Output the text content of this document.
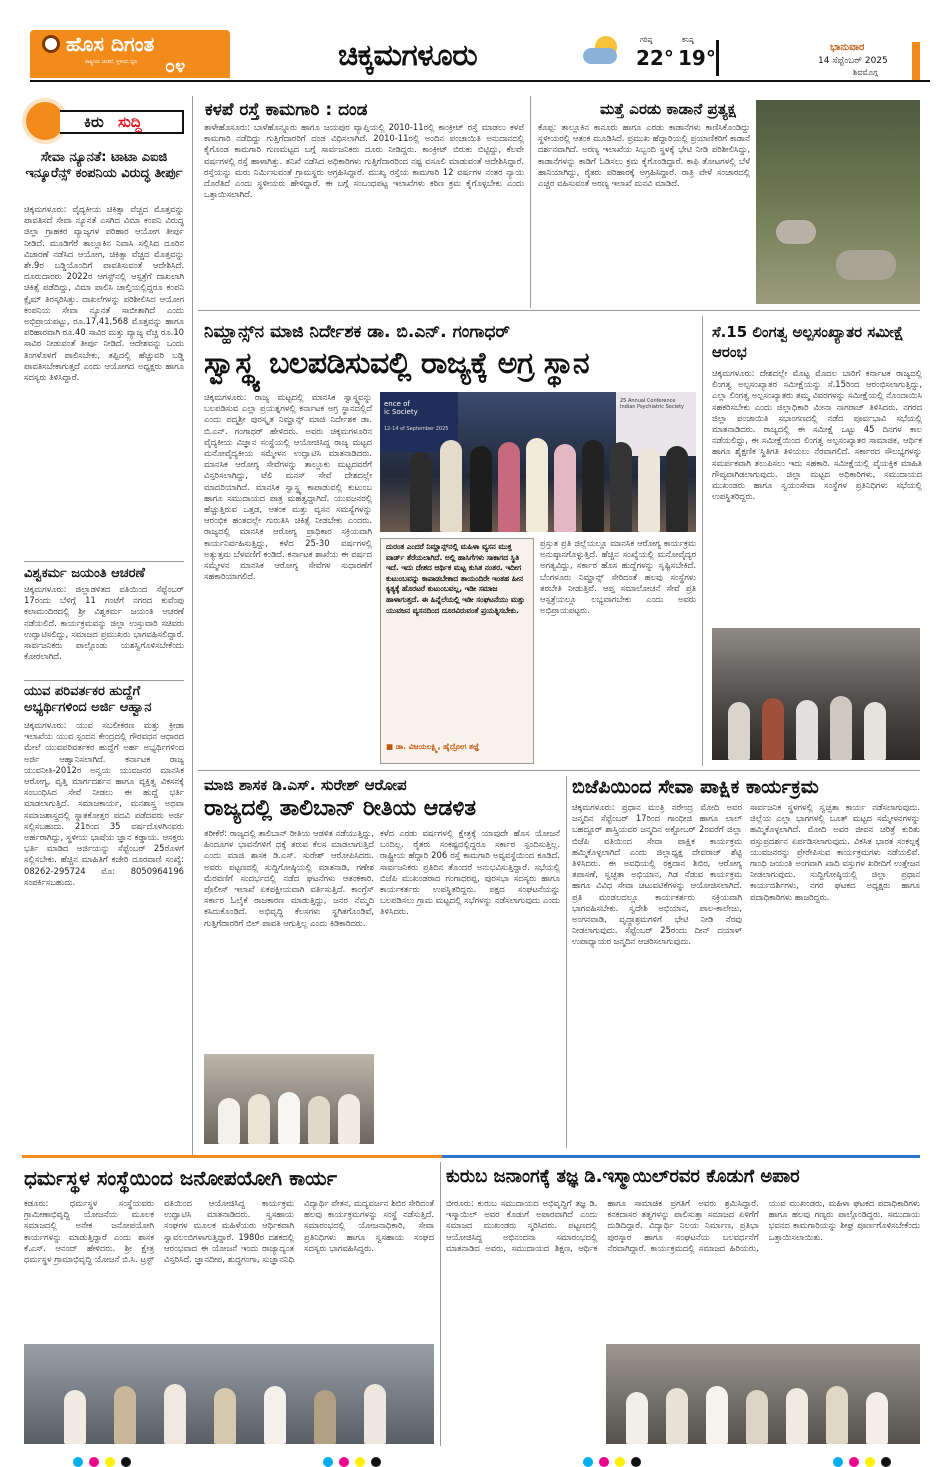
ಹೊಸ ದಿಗಂತ
ರಾಷ್ಟ್ರೀಯ ಚಿಂತನೆ, ಸ್ಥಳೀಯ ಧ್ವನಿ ೦೪	ಚಿಕ್ಕಮಗಳೂರು	ಗರಿಷ್ಠ
22°
ಕನಿಷ್ಠ
19°	ಭಾನುವಾರ
14 ಸೆಪ್ಟೆಂಬರ್ 2025
ಶಿವಮೊಗ್ಗ
ಕಿರು ಸುದ್ದಿ
ಸೇವಾ ನ್ಯೂನತೆ: ಟಾಟಾ ಎಐಜಿ ಇನ್ಶೂರೆನ್ಸ್ ಕಂಪನಿಯ ವಿರುದ್ಧ ತೀರ್ಪು
ಚಿಕ್ಕಮಗಳೂರು: ವೈದ್ಯಕೀಯ ಚಿಕಿತ್ಸಾ ವೆಚ್ಚದ ಮೊತ್ತವನ್ನು ಪಾವತಿಸದೆ ಸೇವಾ ನ್ಯೂನತೆ ಎಸಗಿದ ವಿಮಾ ಕಂಪನಿ ವಿರುದ್ಧ ಜಿಲ್ಲಾ ಗ್ರಾಹಕರ ವ್ಯಾಜ್ಯಗಳ ಪರಿಹಾರ ಆಯೋಗ ತೀರ್ಪು ನೀಡಿದೆ. ಮೂಡಿಗೆರೆ ತಾಲ್ಲೂಕಿನ ನಿವಾಸಿ ಸಲ್ಲಿಸಿದ ದೂರಿನ ವಿಚಾರಣೆ ನಡೆಸಿದ ಆಯೋಗ, ಚಿಕಿತ್ಸಾ ವೆಚ್ಚದ ಮೊತ್ತವನ್ನು ಶೇ.9ರ ಬಡ್ಡಿಯೊಂದಿಗೆ ಪಾವತಿಸುವಂತೆ ಆದೇಶಿಸಿದೆ. ದೂರುದಾರರು 2022ರ ಆಗಸ್ಟ್‌ನಲ್ಲಿ ಆಸ್ಪತ್ರೆಗೆ ದಾಖಲಾಗಿ ಚಿಕಿತ್ಸೆ ಪಡೆದಿದ್ದು, ವಿಮಾ ಪಾಲಿಸಿ ಚಾಲ್ತಿಯಲ್ಲಿದ್ದರೂ ಕಂಪನಿ ಕ್ಲೈಮ್ ತಿರಸ್ಕರಿಸಿತ್ತು. ದಾಖಲೆಗಳನ್ನು ಪರಿಶೀಲಿಸಿದ ಆಯೋಗ ಕಂಪನಿಯ ಸೇವಾ ನ್ಯೂನತೆ ಸಾಬೀತಾಗಿದೆ ಎಂದು ಅಭಿಪ್ರಾಯಪಟ್ಟು, ರೂ.17,41,568 ಮೊತ್ತವನ್ನು ಹಾಗೂ ಪರಿಹಾರವಾಗಿ ರೂ.40 ಸಾವಿರ ಮತ್ತು ವ್ಯಾಜ್ಯ ವೆಚ್ಚ ರೂ.10 ಸಾವಿರ ನೀಡುವಂತೆ ತೀರ್ಪು ನೀಡಿದೆ. ಆದೇಶವನ್ನು ಒಂದು ತಿಂಗಳೊಳಗೆ ಪಾಲಿಸಬೇಕು, ತಪ್ಪಿದಲ್ಲಿ ಹೆಚ್ಚುವರಿ ಬಡ್ಡಿ ಪಾವತಿಸಬೇಕಾಗುತ್ತದೆ ಎಂದು ಆಯೋಗದ ಅಧ್ಯಕ್ಷರು ಹಾಗೂ ಸದಸ್ಯರು ತಿಳಿಸಿದ್ದಾರೆ.
ವಿಶ್ವಕರ್ಮ ಜಯಂತಿ ಆಚರಣೆ
ಚಿಕ್ಕಮಗಳೂರು: ಜಿಲ್ಲಾಡಳಿತದ ವತಿಯಿಂದ ಸೆಪ್ಟೆಂಬರ್ 17ರಂದು ಬೆಳಿಗ್ಗೆ 11 ಗಂಟೆಗೆ ನಗರದ ಕುವೆಂಪು ಕಲಾಮಂದಿರದಲ್ಲಿ ಶ್ರೀ ವಿಶ್ವಕರ್ಮ ಜಯಂತಿ ಆಚರಣೆ ನಡೆಯಲಿದೆ. ಕಾರ್ಯಕ್ರಮವನ್ನು ಜಿಲ್ಲಾ ಉಸ್ತುವಾರಿ ಸಚಿವರು ಉದ್ಘಾಟಿಸಲಿದ್ದು, ಸಮಾಜದ ಪ್ರಮುಖರು ಭಾಗವಹಿಸಲಿದ್ದಾರೆ. ಸಾರ್ವಜನಿಕರು ಪಾಲ್ಗೊಂಡು ಯಶಸ್ವಿಗೊಳಿಸಬೇಕೆಂದು ಕೋರಲಾಗಿದೆ.
ಯುವ ಪರಿವರ್ತಕರ ಹುದ್ದೆಗೆ ಅಭ್ಯರ್ಥಿಗಳಿಂದ ಅರ್ಜಿ ಆಹ್ವಾನ
ಚಿಕ್ಕಮಗಳೂರು: ಯುವ ಸಬಲೀಕರಣ ಮತ್ತು ಕ್ರೀಡಾ ಇಲಾಖೆಯ ಯುವ ಸ್ಪಂದನ ಕೇಂದ್ರದಲ್ಲಿ ಗೌರವಧನ ಆಧಾರದ ಮೇಲೆ ಯುವಪರಿವರ್ತಕರ ಹುದ್ದೆಗೆ ಅರ್ಹ ಅಭ್ಯರ್ಥಿಗಳಿಂದ ಅರ್ಜಿ ಆಹ್ವಾನಿಸಲಾಗಿದೆ. ಕರ್ನಾಟಕ ರಾಜ್ಯ ಯುವನೀತಿ-2012ರ ಅನ್ವಯ ಯುವಜನರ ಮಾನಸಿಕ ಆರೋಗ್ಯ, ವೃತ್ತಿ ಮಾರ್ಗದರ್ಶನ ಹಾಗೂ ವ್ಯಕ್ತಿತ್ವ ವಿಕಸನಕ್ಕೆ ಸಂಬಂಧಿಸಿದ ಸೇವೆ ನೀಡಲು ಈ ಹುದ್ದೆ ಭರ್ತಿ ಮಾಡಲಾಗುತ್ತಿದೆ. ಸಮಾಜಕಾರ್ಯ, ಮನಶಾಸ್ತ್ರ ಅಥವಾ ಸಮಾಜಶಾಸ್ತ್ರದಲ್ಲಿ ಸ್ನಾತಕೋತ್ತರ ಪದವಿ ಪಡೆದವರು ಅರ್ಜಿ ಸಲ್ಲಿಸಬಹುದು. 21ರಿಂದ 35 ವರ್ಷದೊಳಗಿನವರು ಅರ್ಹರಾಗಿದ್ದು, ಸ್ಥಳೀಯ ಭಾಷೆಯ ಜ್ಞಾನ ಕಡ್ಡಾಯ. ಆಸಕ್ತರು ಭರ್ತಿ ಮಾಡಿದ ಅರ್ಜಿಯನ್ನು ಸೆಪ್ಟೆಂಬರ್ 25ರೊಳಗೆ ಸಲ್ಲಿಸಬೇಕು. ಹೆಚ್ಚಿನ ಮಾಹಿತಿಗೆ ಕಚೇರಿ ದೂರವಾಣಿ ಸಂಖ್ಯೆ: 08262-295724 ಮೊ: 8050964196 ಸಂಪರ್ಕಿಸಬಹುದು.
ಕಳಪೆ ರಸ್ತೆ ಕಾಮಗಾರಿ : ದಂಡ
ತಾಳೇಹೊಸೂರು: ಬಾಳೆಹೊನ್ನೂರು ಹಾಗೂ ಜಯಪುರ ವ್ಯಾಪ್ತಿಯಲ್ಲಿ 2010-11ರಲ್ಲಿ ಕಾಂಕ್ರೀಟ್ ರಸ್ತೆ ಮಾಡಲು ಕಳಪೆ ಕಾಮಗಾರಿ ನಡೆದಿದ್ದು ಗುತ್ತಿಗೆದಾರರಿಗೆ ದಂಡ ವಿಧಿಸಲಾಗಿದೆ. 2010-11ರಲ್ಲಿ ಅಂದಿನ ಪಂಚಾಯಿತಿ ಅನುದಾನದಲ್ಲಿ ಕೈಗೊಂಡ ಕಾಮಗಾರಿ ಗುಣಮಟ್ಟದ ಬಗ್ಗೆ ಸಾರ್ವಜನಿಕರು ದೂರು ನೀಡಿದ್ದರು. ಕಾಂಕ್ರೀಟ್ ಬಿರುಕು ಬಿಟ್ಟಿದ್ದು, ಕೆಲವೇ ವರ್ಷಗಳಲ್ಲಿ ರಸ್ತೆ ಹಾಳಾಗಿತ್ತು. ತನಿಖೆ ನಡೆಸಿದ ಅಧಿಕಾರಿಗಳು ಗುತ್ತಿಗೆದಾರರಿಂದ ನಷ್ಟ ವಸೂಲಿ ಮಾಡುವಂತೆ ಆದೇಶಿಸಿದ್ದಾರೆ. ರಸ್ತೆಯನ್ನು ಮರು ನಿರ್ಮಿಸುವಂತೆ ಗ್ರಾಮಸ್ಥರು ಆಗ್ರಹಿಸಿದ್ದಾರೆ. ಮುಖ್ಯ ರಸ್ತೆಯ ಕಾಮಗಾರಿ 12 ವರ್ಷಗಳ ನಂತರ ನ್ಯಾಯ ದೊರೆತಿದೆ ಎಂದು ಸ್ಥಳೀಯರು ಹೇಳಿದ್ದಾರೆ. ಈ ಬಗ್ಗೆ ಸಂಬಂಧಪಟ್ಟ ಇಲಾಖೆಗಳು ಕಠಿಣ ಕ್ರಮ ಕೈಗೊಳ್ಳಬೇಕು ಎಂದು ಒತ್ತಾಯಿಸಲಾಗಿದೆ.
ಮತ್ತೆ ಎರಡು ಕಾಡಾನೆ ಪ್ರತ್ಯಕ್ಷ
ಕೊಪ್ಪ: ತಾಲ್ಲೂಕಿನ ಕಾನೂರು ಹಾಗೂ ಎರಡು ಕಾಡಾನೆಗಳು ಕಾಣಿಸಿಕೊಂಡಿದ್ದು ಸ್ಥಳೀಯರಲ್ಲಿ ಆತಂಕ ಮೂಡಿಸಿದೆ. ಪ್ರಮುಖ ಹೆದ್ದಾರಿಯಲ್ಲಿ ಪ್ರಯಾಣಿಕರಿಗೆ ಕಾಡಾನೆ ದರ್ಶನವಾಗಿದೆ. ಅರಣ್ಯ ಇಲಾಖೆಯ ಸಿಬ್ಬಂದಿ ಸ್ಥಳಕ್ಕೆ ಭೇಟಿ ನೀಡಿ ಪರಿಶೀಲಿಸಿದ್ದು, ಕಾಡಾನೆಗಳನ್ನು ಕಾಡಿಗೆ ಓಡಿಸಲು ಕ್ರಮ ಕೈಗೊಂಡಿದ್ದಾರೆ. ಕಾಫಿ ತೋಟಗಳಲ್ಲಿ ಬೆಳೆ ಹಾನಿಯಾಗಿದ್ದು, ರೈತರು ಪರಿಹಾರಕ್ಕೆ ಆಗ್ರಹಿಸಿದ್ದಾರೆ. ರಾತ್ರಿ ವೇಳೆ ಸಂಚಾರದಲ್ಲಿ ಎಚ್ಚರ ವಹಿಸುವಂತೆ ಅರಣ್ಯ ಇಲಾಖೆ ಮನವಿ ಮಾಡಿದೆ.
ನಿಮ್ಹಾನ್ಸ್‌ನ ಮಾಜಿ ನಿರ್ದೇಶಕ ಡಾ. ಬಿ.ಎನ್. ಗಂಗಾಧರ್
ಸ್ವಾಸ್ಥ್ಯ ಬಲಪಡಿಸುವಲ್ಲಿ ರಾಜ್ಯಕ್ಕೆ ಅಗ್ರ ಸ್ಥಾನ
ಚಿಕ್ಕಮಗಳೂರು: ರಾಜ್ಯ ಮಟ್ಟದಲ್ಲಿ ಮಾನಸಿಕ ಸ್ವಾಸ್ಥ್ಯವನ್ನು ಬಲಪಡಿಸುವ ಎಲ್ಲಾ ಪ್ರಯತ್ನಗಳಲ್ಲಿ ಕರ್ನಾಟಕ ಅಗ್ರ ಸ್ಥಾನದಲ್ಲಿದೆ ಎಂದು ಪದ್ಮಶ್ರೀ ಪುರಸ್ಕೃತ ನಿಮ್ಹಾನ್ಸ್ ಮಾಜಿ ನಿರ್ದೇಶಕ ಡಾ. ಬಿ.ಎನ್. ಗಂಗಾಧರ್ ಹೇಳಿದರು. ಅವರು ಚಿಕ್ಕಮಗಳೂರಿನ ವೈದ್ಯಕೀಯ ವಿಜ್ಞಾನ ಸಂಸ್ಥೆಯಲ್ಲಿ ಆಯೋಜಿಸಿದ್ದ ರಾಜ್ಯ ಮಟ್ಟದ ಮನೋವೈದ್ಯಕೀಯ ಸಮ್ಮೇಳನ ಉದ್ಘಾಟಿಸಿ ಮಾತನಾಡಿದರು. ಮಾನಸಿಕ ಆರೋಗ್ಯ ಸೇವೆಗಳನ್ನು ತಾಲ್ಲೂಕು ಮಟ್ಟದವರೆಗೆ ವಿಸ್ತರಿಸಲಾಗಿದ್ದು, ಟೆಲಿ ಮನಸ್ ಸೇವೆ ದೇಶದಲ್ಲೇ ಮಾದರಿಯಾಗಿದೆ. ಮಾನಸಿಕ ಸ್ವಾಸ್ಥ್ಯ ಕಾಪಾಡುವಲ್ಲಿ ಕುಟುಂಬ ಹಾಗೂ ಸಮುದಾಯದ ಪಾತ್ರ ಮಹತ್ವದ್ದಾಗಿದೆ. ಯುವಜನರಲ್ಲಿ ಹೆಚ್ಚುತ್ತಿರುವ ಒತ್ತಡ, ಆತಂಕ ಮತ್ತು ವ್ಯಸನ ಸಮಸ್ಯೆಗಳನ್ನು ಆರಂಭಿಕ ಹಂತದಲ್ಲೇ ಗುರುತಿಸಿ ಚಿಕಿತ್ಸೆ ನೀಡಬೇಕು ಎಂದರು. ರಾಜ್ಯದಲ್ಲಿ ಮಾನಸಿಕ ಆರೋಗ್ಯ ಪ್ರಾಧಿಕಾರ ಸಕ್ರಿಯವಾಗಿ ಕಾರ್ಯನಿರ್ವಹಿಸುತ್ತಿದ್ದು, ಕಳೆದ 25-30 ವರ್ಷಗಳಲ್ಲಿ ಅತ್ಯುತ್ತಮ ಬೆಳವಣಿಗೆ ಕಂಡಿದೆ. ಕರ್ನಾಟಕ ಶಾಖೆಯ ಈ ವರ್ಷದ ಸಮ್ಮೇಳನ ಮಾನಸಿಕ ಆರೋಗ್ಯ ಸೇವೆಗಳ ಸುಧಾರಣೆಗೆ ಸಹಕಾರಿಯಾಗಲಿದೆ.
ence of
ic Society
12-14 of September 2025
25 Annual Conference
Indian Psychiatric Society
ದುರಂತ ಎಂದರೆ ನಿಮ್ಹಾನ್ಸ್‌ನಲ್ಲಿ ಮಹಿಳಾ ವ್ಯಸನ ಮುಕ್ತ ವಾರ್ಡ್ ತೆರೆಯಲಾಗಿದೆ. ಅಲ್ಲಿ ಹಾಸಿಗೆಗಳು ಸಾಕಾಗದ ಸ್ಥಿತಿ ಇದೆ. ಇದು ದೇಶದ ಆರ್ಥಿಕ ಮಟ್ಟ ಕುಸಿತ ನಂತರ. ಇದೀಗ ಕುಟುಂಬವನ್ನು ಕಾಪಾಡಬೇಕಾದ ತಾಯಂದಿರೇ ಇಂತಹ ಹೀನ ಕೃತ್ಯಕ್ಕೆ ಹೊರಟರೆ ಕುಟುಂಬವಲ್ಲ, ಇಡೀ ಸಮಾಜ ಹಾಳಾಗುತ್ತದೆ. ಈ ಹಿನ್ನೆಲೆಯಲ್ಲಿ ಇಡೀ ಸಂಘಟನೆಯು ಮತ್ತು ಯುವಜನ ವ್ಯಸನದಿಂದ ದೂರವಿರುವಂತೆ ಪ್ರಯತ್ನಿಸಬೇಕು.
■ ಡಾ. ವಿಜಯಲಕ್ಷ್ಮಿ, ಹೈದ್ರೋಗ ತಜ್ಞೆ
ಪ್ರಸ್ತುತ ಪ್ರತಿ ಜಿಲ್ಲೆಯಲ್ಲೂ ಮಾನಸಿಕ ಆರೋಗ್ಯ ಕಾರ್ಯಕ್ರಮ ಅನುಷ್ಠಾನಗೊಳ್ಳುತ್ತಿದೆ. ಹೆಚ್ಚಿನ ಸಂಖ್ಯೆಯಲ್ಲಿ ಮನೋವೈದ್ಯರ ಅಗತ್ಯವಿದ್ದು, ಸರ್ಕಾರ ಹೊಸ ಹುದ್ದೆಗಳನ್ನು ಸೃಷ್ಟಿಸಬೇಕಿದೆ. ಬೆಂಗಳೂರು ನಿಮ್ಹಾನ್ಸ್ ಸೇರಿದಂತೆ ಹಲವು ಸಂಸ್ಥೆಗಳು ತರಬೇತಿ ನೀಡುತ್ತಿವೆ. ಆಪ್ತ ಸಮಾಲೋಚನೆ ಸೇವೆ ಪ್ರತಿ ಆಸ್ಪತ್ರೆಯಲ್ಲೂ ಲಭ್ಯವಾಗಬೇಕು ಎಂದು ಅವರು ಅಭಿಪ್ರಾಯಪಟ್ಟರು.
ಸೆ.15 ಲಿಂಗತ್ವ ಅಲ್ಪಸಂಖ್ಯಾತರ ಸಮೀಕ್ಷೆ ಆರಂಭ
ಚಿಕ್ಕಮಗಳೂರು: ದೇಶದಲ್ಲೇ ಮೊಟ್ಟ ಮೊದಲ ಬಾರಿಗೆ ಕರ್ನಾಟಕ ರಾಜ್ಯದಲ್ಲಿ ಲಿಂಗತ್ವ ಅಲ್ಪಸಂಖ್ಯಾತರ ಸಮೀಕ್ಷೆಯನ್ನು ಸೆ.15ರಿಂದ ಆರಂಭಿಸಲಾಗುತ್ತಿದ್ದು, ಎಲ್ಲಾ ಲಿಂಗತ್ವ ಅಲ್ಪಸಂಖ್ಯಾತರು ತಮ್ಮ ವಿವರಗಳನ್ನು ಸಮೀಕ್ಷೆಯಲ್ಲಿ ನೊಂದಾಯಿಸಿ ಸಹಕರಿಸಬೇಕು ಎಂದು ಜಿಲ್ಲಾಧಿಕಾರಿ ಮೀನಾ ನಾಗರಾಜ್ ತಿಳಿಸಿದರು. ನಗರದ ಜಿಲ್ಲಾ ಪಂಚಾಯಿತಿ ಸಭಾಂಗಣದಲ್ಲಿ ನಡೆದ ಪೂರ್ವಭಾವಿ ಸಭೆಯಲ್ಲಿ ಮಾತನಾಡಿದರು. ರಾಜ್ಯದಲ್ಲಿ ಈ ಸಮೀಕ್ಷೆ ಒಟ್ಟು 45 ದಿನಗಳ ಕಾಲ ನಡೆಯಲಿದ್ದು, ಈ ಸಮೀಕ್ಷೆಯಿಂದ ಲಿಂಗತ್ವ ಅಲ್ಪಸಂಖ್ಯಾತರ ಸಾಮಾಜಿಕ, ಆರ್ಥಿಕ ಹಾಗೂ ಶೈಕ್ಷಣಿಕ ಸ್ಥಿತಿಗತಿ ತಿಳಿಯಲು ನೆರವಾಗಲಿದೆ. ಸರ್ಕಾರದ ಸೌಲಭ್ಯಗಳನ್ನು ಸಮರ್ಪಕವಾಗಿ ತಲುಪಿಸಲು ಇದು ಸಹಕಾರಿ. ಸಮೀಕ್ಷೆಯಲ್ಲಿ ವೈಯಕ್ತಿಕ ಮಾಹಿತಿ ಗೌಪ್ಯವಾಗಿಡಲಾಗುವುದು. ಜಿಲ್ಲಾ ಮಟ್ಟದ ಅಧಿಕಾರಿಗಳು, ಸಮುದಾಯದ ಮುಖಂಡರು ಹಾಗೂ ಸ್ವಯಂಸೇವಾ ಸಂಸ್ಥೆಗಳ ಪ್ರತಿನಿಧಿಗಳು ಸಭೆಯಲ್ಲಿ ಉಪಸ್ಥಿತರಿದ್ದರು.
ಮಾಜಿ ಶಾಸಕ ಡಿ.ಎಸ್. ಸುರೇಶ್ ಆರೋಪ
ರಾಜ್ಯದಲ್ಲಿ ತಾಲಿಬಾನ್ ರೀತಿಯ ಆಡಳಿತ
ತರೀಕೆರೆ: ರಾಜ್ಯದಲ್ಲಿ ತಾಲಿಬಾನ್ ರೀತಿಯ ಆಡಳಿತ ನಡೆಯುತ್ತಿದ್ದು, ಹಿಂದೂಗಳ ಭಾವನೆಗಳಿಗೆ ಧಕ್ಕೆ ತರುವ ಕೆಲಸ ಮಾಡಲಾಗುತ್ತಿದೆ ಎಂದು ಮಾಜಿ ಶಾಸಕ ಡಿ.ಎಸ್. ಸುರೇಶ್ ಆರೋಪಿಸಿದರು. ಅವರು ಪಟ್ಟಣದಲ್ಲಿ ಸುದ್ದಿಗೋಷ್ಠಿಯಲ್ಲಿ ಮಾತನಾಡಿ, ಗಣೇಶ ಮೆರವಣಿಗೆ ಸಂದರ್ಭದಲ್ಲಿ ನಡೆದ ಘಟನೆಗಳು ಆತಂಕಕಾರಿ. ಪೊಲೀಸ್ ಇಲಾಖೆ ಏಕಪಕ್ಷೀಯವಾಗಿ ವರ್ತಿಸುತ್ತಿದೆ. ಕಾಂಗ್ರೆಸ್ ಸರ್ಕಾರ ಓಲೈಕೆ ರಾಜಕಾರಣ ಮಾಡುತ್ತಿದ್ದು, ಜನರ ನೆಮ್ಮದಿ ಕಸಿದುಕೊಂಡಿದೆ. ಅಭಿವೃದ್ಧಿ ಕೆಲಸಗಳು ಸ್ಥಗಿತಗೊಂಡಿವೆ, ಗುತ್ತಿಗೆದಾರರಿಗೆ ಬಿಲ್ ಪಾವತಿ ಆಗುತ್ತಿಲ್ಲ ಎಂದು ಕಿಡಿಕಾರಿದರು.
ಕಳೆದ ಎರಡು ವರ್ಷಗಳಲ್ಲಿ ಕ್ಷೇತ್ರಕ್ಕೆ ಯಾವುದೇ ಹೊಸ ಯೋಜನೆ ಬಂದಿಲ್ಲ. ರೈತರು ಸಂಕಷ್ಟದಲ್ಲಿದ್ದರೂ ಸರ್ಕಾರ ಸ್ಪಂದಿಸುತ್ತಿಲ್ಲ. ರಾಷ್ಟ್ರೀಯ ಹೆದ್ದಾರಿ 206 ರಸ್ತೆ ಕಾಮಗಾರಿ ಅವ್ಯವಸ್ಥೆಯಿಂದ ಕೂಡಿದೆ. ಸಾರ್ವಜನಿಕರು ಪ್ರತಿದಿನ ತೊಂದರೆ ಅನುಭವಿಸುತ್ತಿದ್ದಾರೆ. ಸಭೆಯಲ್ಲಿ ಬಿಜೆಪಿ ಮುಖಂಡರಾದ ಗಂಗಾಧರಪ್ಪ, ಪುರಸಭಾ ಸದಸ್ಯರು ಹಾಗೂ ಕಾರ್ಯಕರ್ತರು ಉಪಸ್ಥಿತರಿದ್ದರು. ಪಕ್ಷದ ಸಂಘಟನೆಯನ್ನು ಬಲಪಡಿಸಲು ಗ್ರಾಮ ಮಟ್ಟದಲ್ಲಿ ಸಭೆಗಳನ್ನು ನಡೆಸಲಾಗುವುದು ಎಂದು ತಿಳಿಸಿದರು.
ಬಿಜೆಪಿಯಿಂದ ಸೇವಾ ಪಾಕ್ಷಿಕ ಕಾರ್ಯಕ್ರಮ
ಚಿಕ್ಕಮಗಳೂರು: ಪ್ರಧಾನ ಮಂತ್ರಿ ನರೇಂದ್ರ ಮೋದಿ ಅವರ ಜನ್ಮದಿನ ಸೆಪ್ಟೆಂಬರ್ 17ರಿಂದ ಗಾಂಧೀಜಿ ಹಾಗೂ ಲಾಲ್ ಬಹದ್ದೂರ್ ಶಾಸ್ತ್ರಿಯವರ ಜನ್ಮದಿನ ಅಕ್ಟೋಬರ್ 2ರವರೆಗೆ ಜಿಲ್ಲಾ ಬಿಜೆಪಿ ವತಿಯಿಂದ ಸೇವಾ ಪಾಕ್ಷಿಕ ಕಾರ್ಯಕ್ರಮ ಹಮ್ಮಿಕೊಳ್ಳಲಾಗಿದೆ ಎಂದು ಜಿಲ್ಲಾಧ್ಯಕ್ಷ ದೇವರಾಜ್ ಶೆಟ್ಟಿ ತಿಳಿಸಿದರು. ಈ ಅವಧಿಯಲ್ಲಿ ರಕ್ತದಾನ ಶಿಬಿರ, ಆರೋಗ್ಯ ತಪಾಸಣೆ, ಸ್ವಚ್ಛತಾ ಅಭಿಯಾನ, ಗಿಡ ನೆಡುವ ಕಾರ್ಯಕ್ರಮ ಹಾಗೂ ವಿವಿಧ ಸೇವಾ ಚಟುವಟಿಕೆಗಳನ್ನು ಆಯೋಜಿಸಲಾಗಿದೆ. ಪ್ರತಿ ಮಂಡಲದಲ್ಲೂ ಕಾರ್ಯಕರ್ತರು ಸಕ್ರಿಯವಾಗಿ ಭಾಗವಹಿಸಬೇಕು. ಸ್ವದೇಶಿ ಅಭಿಯಾನ, ಪಾಲ-ಕಾಲೇಜು, ಅಂಗನವಾಡಿ, ವೃದ್ಧಾಶ್ರಮಗಳಿಗೆ ಭೇಟಿ ನೀಡಿ ನೆರವು ನೀಡಲಾಗುವುದು. ಸೆಪ್ಟೆಂಬರ್ 25ರಂದು ದೀನ್ ದಯಾಳ್ ಉಪಾಧ್ಯಾಯರ ಜನ್ಮದಿನ ಆಚರಿಸಲಾಗುವುದು.
ಸಾರ್ವಜನಿಕ ಸ್ಥಳಗಳಲ್ಲಿ ಸ್ವಚ್ಛತಾ ಕಾರ್ಯ ನಡೆಸಲಾಗುವುದು. ಜಿಲ್ಲೆಯ ಎಲ್ಲಾ ಭಾಗಗಳಲ್ಲಿ ಬೂತ್ ಮಟ್ಟದ ಸಮ್ಮೇಳನಗಳನ್ನು ಹಮ್ಮಿಕೊಳ್ಳಲಾಗಿದೆ. ಮೋದಿ ಅವರ ಜೀವನ ಚರಿತ್ರೆ ಕುರಿತು ವಸ್ತುಪ್ರದರ್ಶನ ಏರ್ಪಡಿಸಲಾಗುವುದು. ವಿಕಸಿತ ಭಾರತ ಸಂಕಲ್ಪಕ್ಕೆ ಯುವಜನರನ್ನು ಪ್ರೇರೇಪಿಸುವ ಕಾರ್ಯಕ್ರಮಗಳು ನಡೆಯಲಿವೆ. ಗಾಂಧಿ ಜಯಂತಿ ಅಂಗವಾಗಿ ಖಾದಿ ವಸ್ತುಗಳ ಖರೀದಿಗೆ ಉತ್ತೇಜನ ನೀಡಲಾಗುವುದು. ಸುದ್ದಿಗೋಷ್ಠಿಯಲ್ಲಿ ಜಿಲ್ಲಾ ಪ್ರಧಾನ ಕಾರ್ಯದರ್ಶಿಗಳು, ನಗರ ಘಟಕದ ಅಧ್ಯಕ್ಷರು ಹಾಗೂ ಪದಾಧಿಕಾರಿಗಳು ಹಾಜರಿದ್ದರು.
ಧರ್ಮಸ್ಥಳ ಸಂಸ್ಥೆಯಿಂದ ಜನೋಪಯೋಗಿ ಕಾರ್ಯ
ಕಡೂರು: ಧರ್ಮಸ್ಥಳ ಸಂಸ್ಥೆಯವರು ಗ್ರಾಮೀಣಾಭಿವೃದ್ಧಿ ಯೋಜನೆಯ ಮೂಲಕ ಸಮಾಜದಲ್ಲಿ ಅನೇಕ ಜನೋಪಯೋಗಿ ಕಾರ್ಯಗಳನ್ನು ಮಾಡುತ್ತಿದ್ದಾರೆ ಎಂದು ಶಾಸಕ ಕೆ.ಎಸ್. ಆನಂದ್ ಹೇಳಿದರು. ಶ್ರೀ ಕ್ಷೇತ್ರ ಧರ್ಮಸ್ಥಳ ಗ್ರಾಮಾಭಿವೃದ್ಧಿ ಯೋಜನೆ ಬಿ.ಸಿ. ಟ್ರಸ್ಟ್ ವತಿಯಿಂದ ಆಯೋಜಿಸಿದ್ದ ಕಾರ್ಯಕ್ರಮ ಉದ್ಘಾಟಿಸಿ ಮಾತನಾಡಿದರು. ಸ್ವಸಹಾಯ ಸಂಘಗಳ ಮೂಲಕ ಮಹಿಳೆಯರು ಆರ್ಥಿಕವಾಗಿ ಸ್ವಾವಲಂಬಿಗಳಾಗುತ್ತಿದ್ದಾರೆ. 1980ರ ದಶಕದಲ್ಲಿ ಆರಂಭವಾದ ಈ ಯೋಜನೆ ಇಂದು ರಾಜ್ಯಾದ್ಯಂತ ವಿಸ್ತರಿಸಿದೆ. ಜ್ಞಾನದೀಪ, ಶುದ್ಧಗಂಗಾ, ಸುಜ್ಞಾನನಿಧಿ ವಿದ್ಯಾರ್ಥಿ ವೇತನ, ಮದ್ಯವರ್ಜನ ಶಿಬಿರ ಸೇರಿದಂತೆ ಹಲವು ಕಾರ್ಯಕ್ರಮಗಳನ್ನು ಸಂಸ್ಥೆ ನಡೆಸುತ್ತಿದೆ. ಸಮಾರಂಭದಲ್ಲಿ ಯೋಜನಾಧಿಕಾರಿ, ಸೇವಾ ಪ್ರತಿನಿಧಿಗಳು ಹಾಗೂ ಸ್ವಸಹಾಯ ಸಂಘದ ಸದಸ್ಯರು ಭಾಗವಹಿಸಿದ್ದರು.
ಕುರುಬ ಜನಾಂಗಕ್ಕೆ ತಜ್ಞ ಡಿ.ಇಸ್ಮಾಯಿಲ್‌ರವರ ಕೊಡುಗೆ ಅಪಾರ
ಬೀರೂರು: ಕುರುಬ ಸಮುದಾಯದ ಅಭಿವೃದ್ಧಿಗೆ ತಜ್ಞ ಡಿ. ಇಸ್ಮಾಯಿಲ್ ಅವರ ಕೊಡುಗೆ ಅಪಾರವಾಗಿದೆ ಎಂದು ಸಮಾಜದ ಮುಖಂಡರು ಸ್ಮರಿಸಿದರು. ಪಟ್ಟಣದಲ್ಲಿ ಆಯೋಜಿಸಿದ್ದ ಅಭಿನಂದನಾ ಸಮಾರಂಭದಲ್ಲಿ ಮಾತನಾಡಿದ ಅವರು, ಸಮುದಾಯದ ಶಿಕ್ಷಣ, ಆರ್ಥಿಕ ಹಾಗೂ ಸಾಮಾಜಿಕ ಪ್ರಗತಿಗೆ ಅವರು ಶ್ರಮಿಸಿದ್ದಾರೆ. ಕನಕದಾಸರ ತತ್ವಗಳನ್ನು ಪಾಲಿಸುತ್ತಾ ಸಮಾಜದ ಏಳಿಗೆಗೆ ದುಡಿದಿದ್ದಾರೆ. ವಿದ್ಯಾರ್ಥಿ ನಿಲಯ ನಿರ್ಮಾಣ, ಪ್ರತಿಭಾ ಪುರಸ್ಕಾರ ಹಾಗೂ ಸಂಘಟನೆಯ ಬಲವರ್ಧನೆಗೆ ನೆರವಾಗಿದ್ದಾರೆ. ಕಾರ್ಯಕ್ರಮದಲ್ಲಿ ಸಮಾಜದ ಹಿರಿಯರು, ಯುವ ಮುಖಂಡರು, ಮಹಿಳಾ ಘಟಕದ ಪದಾಧಿಕಾರಿಗಳು ಹಾಗೂ ಹಲವು ಗಣ್ಯರು ಪಾಲ್ಗೊಂಡಿದ್ದರು. ಸಮುದಾಯ ಭವನದ ಕಾಮಗಾರಿಯನ್ನು ಶೀಘ್ರ ಪೂರ್ಣಗೊಳಿಸಬೇಕೆಂದು ಒತ್ತಾಯಿಸಲಾಯಿತು.
